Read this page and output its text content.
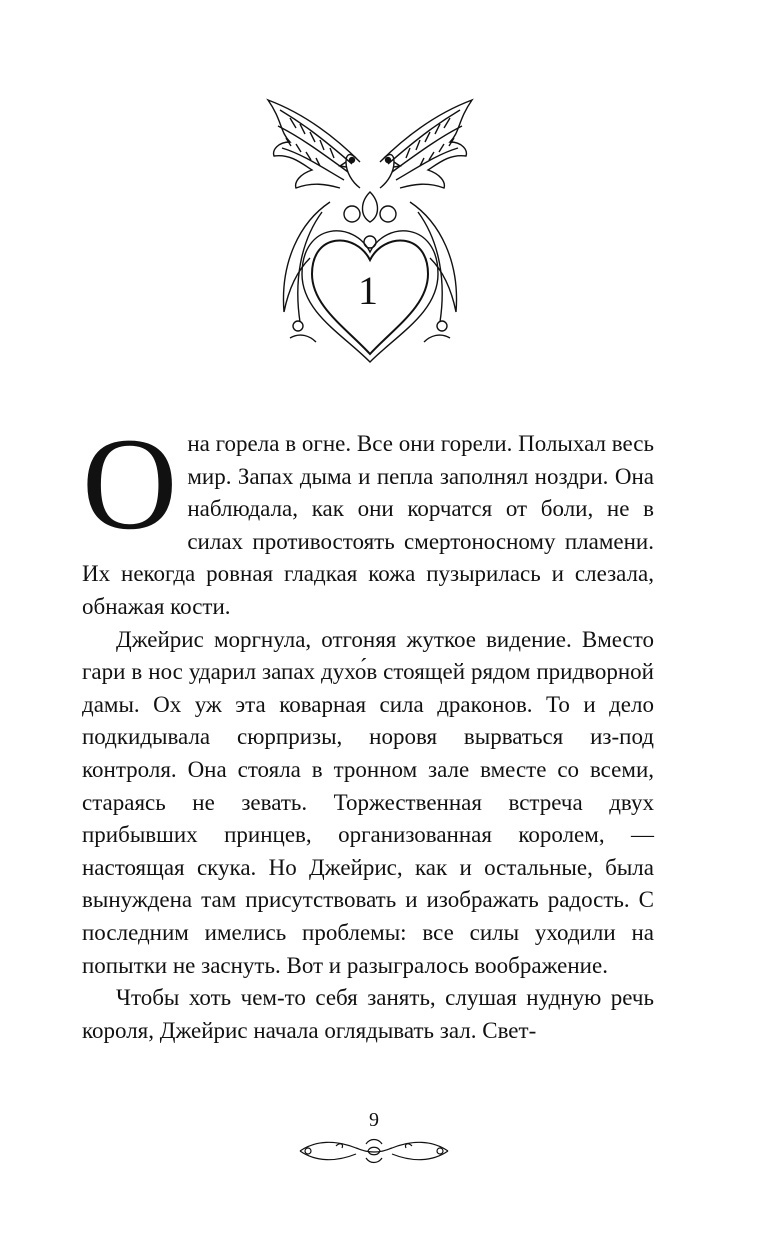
1

Она горела в огне. Все они горели. Полыхал весь мир. Запах дыма и пепла заполнял ноздри. Она наблюдала, как они корчатся от боли, не в силах противостоять смертоносному пламени. Их некогда ровная гладкая кожа пузырилась и слезала, обнажая кости.

Джейрис моргнула, отгоняя жуткое видение. Вместо гари в нос ударил запах духо́в стоящей рядом придворной дамы. Ох уж эта коварная сила драконов. То и дело подкидывала сюрпризы, норовя вырваться из-под контроля. Она стояла в тронном зале вместе со всеми, стараясь не зевать. Торжественная встреча двух прибывших принцев, организованная королем, — настоящая скука. Но Джейрис, как и остальные, была вынуждена там присутствовать и изображать радость. С последним имелись проблемы: все силы уходили на попытки не заснуть. Вот и разыгралось воображение.

Чтобы хоть чем-то себя занять, слушая нудную речь короля, Джейрис начала оглядывать зал. Свет-

9
